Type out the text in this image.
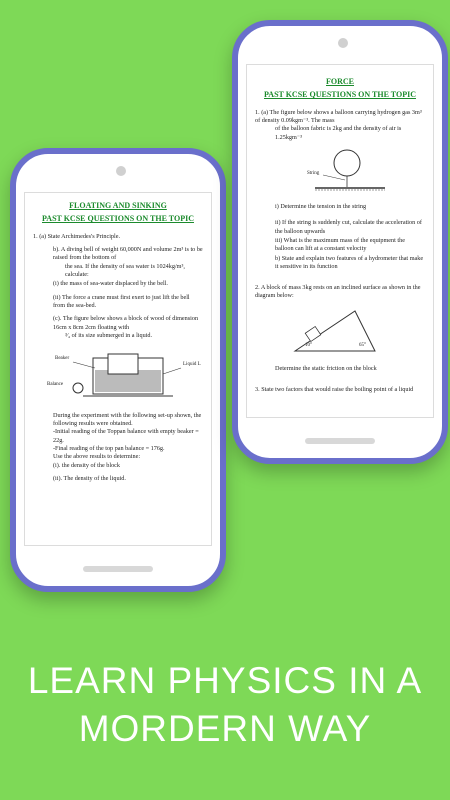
FLOATING AND SINKING
PAST KCSE QUESTIONS ON THE TOPIC

1. (a) State Archimedes's Principle.

b). A diving bell of weight 60,000N and volume 2m³ is to be raised from the bottom of

the sea. If the density of sea water is 1024kg/m³, calculate:

(i) the mass of sea-water displaced by the bell.

(ii) The force a crane must first exert to just lift the bell from the sea-bed.

(c). The figure below shows a block of wood of dimension 16cm x 8cm 2cm floating with

³⁄₄ of its size submerged in a liquid.

Beaker
Balance
Liquid L

During the experiment with the following set-up shown, the following results were obtained.

-Initial reading of the Toppan balance with empty beaker = 22g.

-Final reading of the top pan balance = 176g.

Use the above results to determine:

(i). the density of the block

(ii). The density of the liquid.

FORCE
PAST KCSE QUESTIONS ON THE TOPIC

1. (a) The figure below shows a balloon carrying hydrogen gas 3m³ of density 0.09kgm⁻³. The mass

of the balloon fabric is 2kg and the density of air is 1.25kgm⁻³

String

i) Determine the tension in the string

ii) If the string is suddenly cut, calculate the acceleration of the balloon upwards

iii) What is the maximum mass of the equipment the balloon can lift at a constant velocity

b) State and explain two features of a hydrometer that make it sensitive in its function

2. A block of mass 3kg rests on an inclined surface as shown in the diagram below:

10°	65°

Determine the static friction on the block

3. State two factors that would raise the boiling point of a liquid

LEARN PHYSICS IN A
MORDERN WAY
